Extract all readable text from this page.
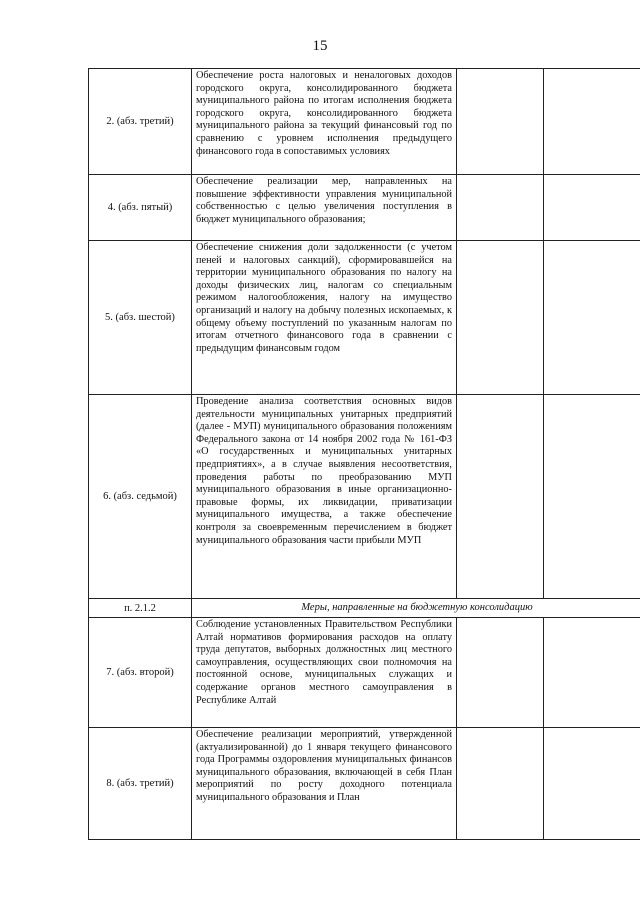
15
2. (абз. третий)	Обеспечение роста налоговых и неналоговых доходов городского округа, консолидированного бюджета муниципального района по итогам исполнения бюджета городского округа, консолидированного бюджета муниципального района за текущий финансовый год по сравнению с уровнем исполнения предыдущего финансового года в сопоставимых условиях		
4. (абз. пятый)	Обеспечение реализации мер, направленных на повышение эффективности управления муниципальной собственностью с целью увеличения поступления в бюджет муниципального образования;		
5. (абз. шестой)	Обеспечение снижения доли задолженности (с учетом пеней и налоговых санкций), сформировавшейся на территории муниципального образования по налогу на доходы физических лиц, налогам со специальным режимом налогообложения, налогу на имущество организаций и налогу на добычу полезных ископаемых, к общему объему поступлений по указанным налогам по итогам отчетного финансового года в сравнении с предыдущим финансовым годом		
6. (абз. седьмой)	Проведение анализа соответствия основных видов деятельности муниципальных унитарных предприятий (далее - МУП) муниципального образования положениям Федерального закона от 14 ноября 2002 года № 161-ФЗ «О государственных и муниципальных унитарных предприятиях», а в случае выявления несоответствия, проведения работы по преобразованию МУП муниципального образования в иные организационно-правовые формы, их ликвидации, приватизации муниципального имущества, а также обеспечение контроля за своевременным перечислением в бюджет муниципального образования части прибыли МУП		
п. 2.1.2	Меры, направленные на бюджетную консолидацию		
7. (абз. второй)	Соблюдение установленных Правительством Республики Алтай нормативов формирования расходов на оплату труда депутатов, выборных должностных лиц местного самоуправления, осуществляющих свои полномочия на постоянной основе, муниципальных служащих и содержание органов местного самоуправления в Республике Алтай		
8. (абз. третий)	Обеспечение реализации мероприятий, утвержденной (актуализированной) до 1 января текущего финансового года Программы оздоровления муниципальных финансов муниципального образования, включающей в себя План мероприятий по росту доходного потенциала муниципального образования и План		
